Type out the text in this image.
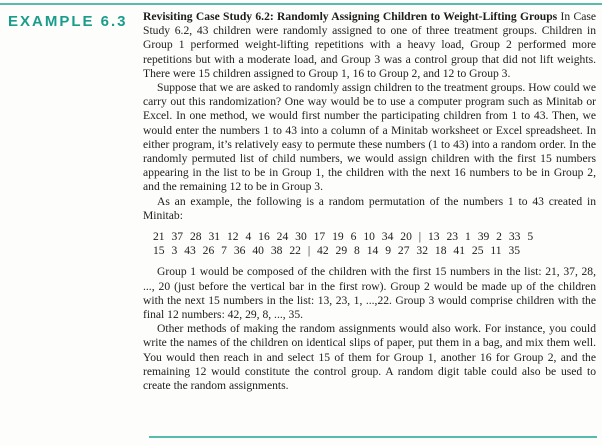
EXAMPLE 6.3 Revisiting Case Study 6.2: Randomly Assigning Children to Weight-Lifting Groups In Case Study 6.2, 43 children were randomly assigned to one of three treatment groups. Children in Group 1 performed weight-lifting repetitions with a heavy load, Group 2 performed more repetitions but with a moderate load, and Group 3 was a control group that did not lift weights. There were 15 children assigned to Group 1, 16 to Group 2, and 12 to Group 3.

Suppose that we are asked to randomly assign children to the treatment groups. How could we carry out this randomization? One way would be to use a computer program such as Minitab or Excel. In one method, we would first number the participating children from 1 to 43. Then, we would enter the numbers 1 to 43 into a column of a Minitab worksheet or Excel spreadsheet. In either program, it’s relatively easy to permute these numbers (1 to 43) into a random order. In the randomly permuted list of child numbers, we would assign children with the first 15 numbers appearing in the list to be in Group 1, the children with the next 16 numbers to be in Group 2, and the remaining 12 to be in Group 3.

As an example, the following is a random permutation of the numbers 1 to 43 created in Minitab:

21 37 28 31 12 4 16 24 30 17 19 6 10 34 20 | 13 23 1 39 2 33 5
15 3 43 26 7 36 40 38 22 | 42 29 8 14 9 27 32 18 41 25 11 35

Group 1 would be composed of the children with the first 15 numbers in the list: 21, 37, 28, ..., 20 (just before the vertical bar in the first row). Group 2 would be made up of the children with the next 15 numbers in the list: 13, 23, 1, ...,22. Group 3 would comprise children with the final 12 numbers: 42, 29, 8, ..., 35.

Other methods of making the random assignments would also work. For instance, you could write the names of the children on identical slips of paper, put them in a bag, and mix them well. You would then reach in and select 15 of them for Group 1, another 16 for Group 2, and the remaining 12 would constitute the control group. A random digit table could also be used to create the random assignments.
